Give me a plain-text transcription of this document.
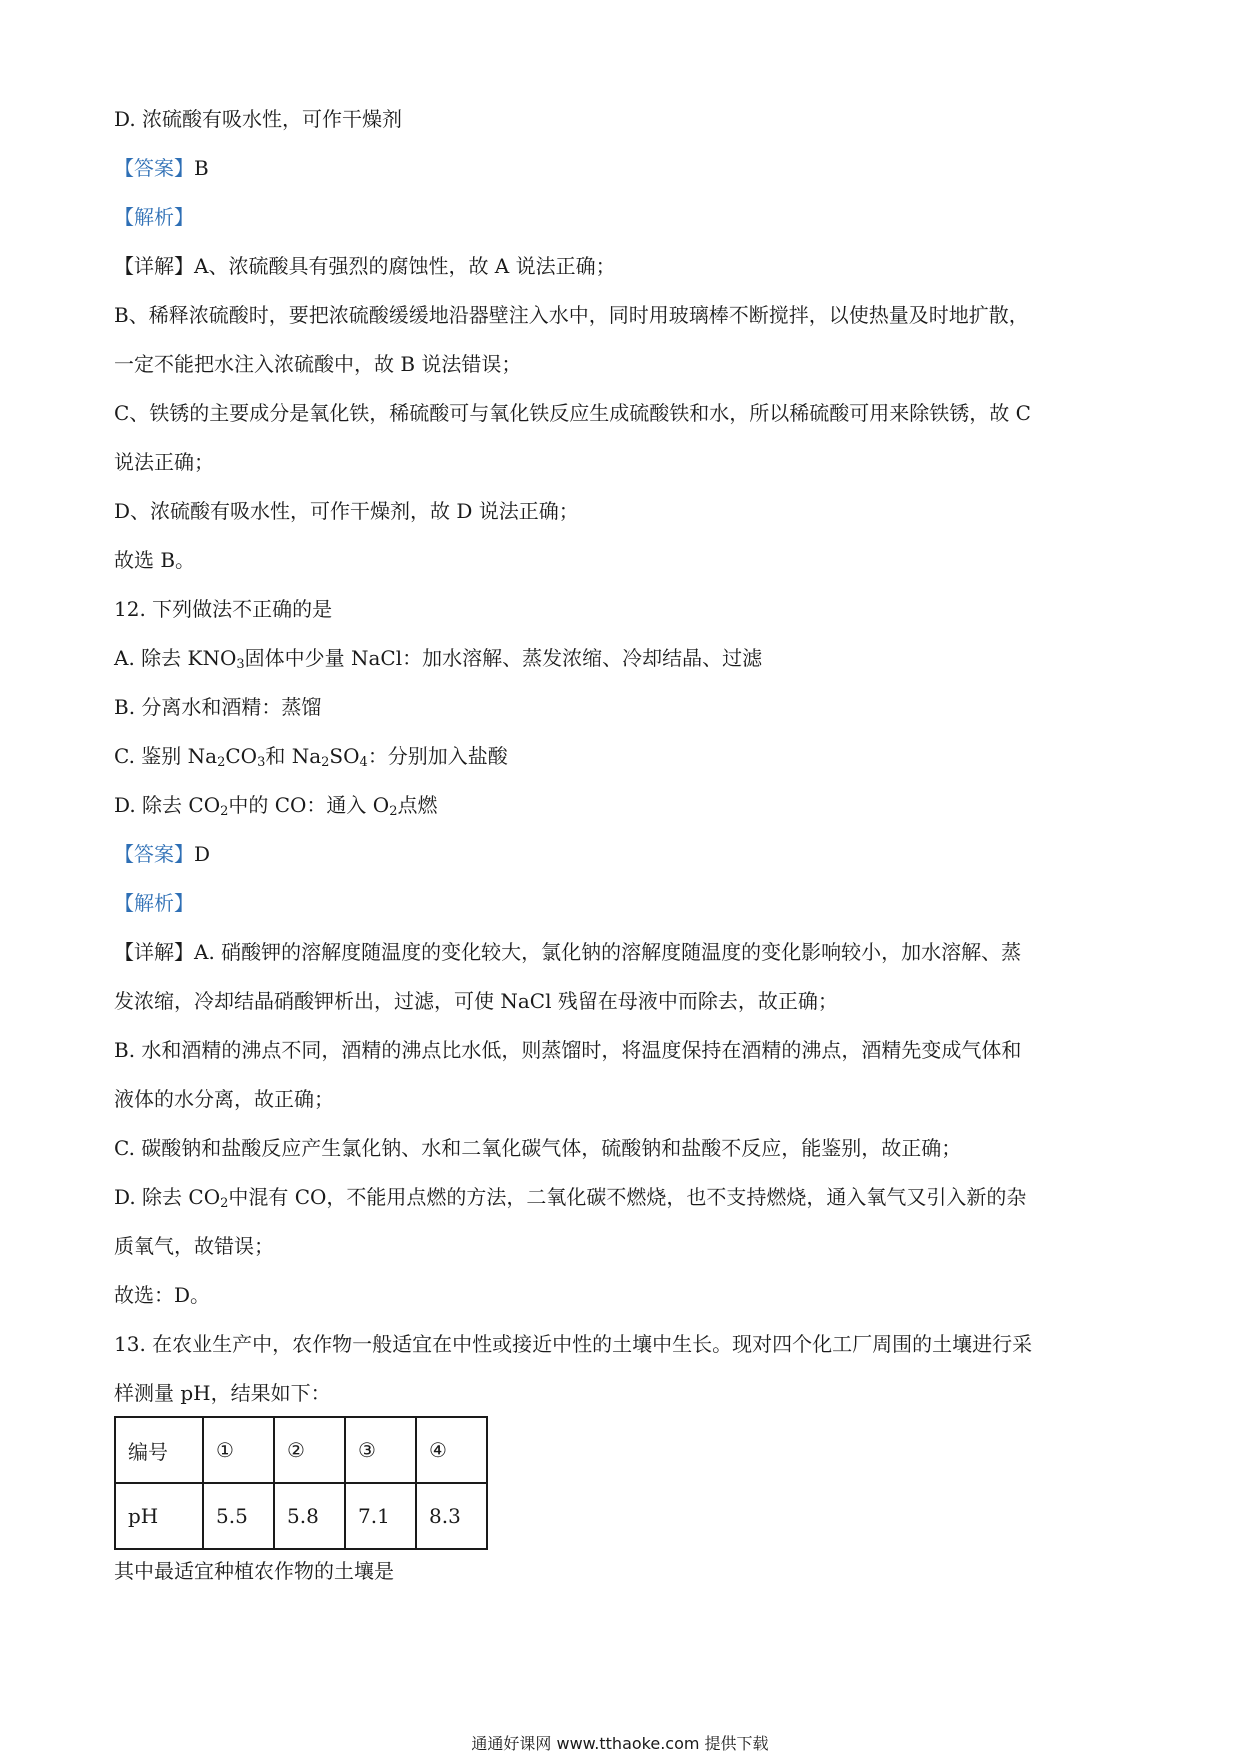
D. 浓硫酸有吸水性，可作干燥剂
【答案】B
【解析】
【详解】A、浓硫酸具有强烈的腐蚀性，故 A 说法正确；
B、稀释浓硫酸时，要把浓硫酸缓缓地沿器壁注入水中，同时用玻璃棒不断搅拌，以使热量及时地扩散，
一定不能把水注入浓硫酸中，故 B 说法错误；
C、铁锈的主要成分是氧化铁，稀硫酸可与氧化铁反应生成硫酸铁和水，所以稀硫酸可用来除铁锈，故 C
说法正确；
D、浓硫酸有吸水性，可作干燥剂，故 D 说法正确；
故选 B。
12. 下列做法不正确的是
A. 除去 $KNO_3$固体中少量 NaCl：加水溶解、蒸发浓缩、冷却结晶、过滤
B. 分离水和酒精：蒸馏
C. 鉴别 $Na_2CO_3$和 $Na_2SO_4$：分别加入盐酸
D. 除去 $CO_2$中的 CO：通入 $O_2$点燃
【答案】D
【解析】
【详解】A. 硝酸钾的溶解度随温度的变化较大，氯化钠的溶解度随温度的变化影响较小，加水溶解、蒸
发浓缩，冷却结晶硝酸钾析出，过滤，可使 NaCl 残留在母液中而除去，故正确；
B. 水和酒精的沸点不同，酒精的沸点比水低，则蒸馏时，将温度保持在酒精的沸点，酒精先变成气体和
液体的水分离，故正确；
C. 碳酸钠和盐酸反应产生氯化钠、水和二氧化碳气体，硫酸钠和盐酸不反应，能鉴别，故正确；
D. 除去 $CO_2$中混有 CO，不能用点燃的方法，二氧化碳不燃烧，也不支持燃烧，通入氧气又引入新的杂
质氧气，故错误；
故选：D。
13. 在农业生产中，农作物一般适宜在中性或接近中性的土壤中生长。现对四个化工厂周围的土壤进行采
样测量 pH，结果如下：
编号	①	②	③	④
pH	5.5	5.8	7.1	8.3
其中最适宜种植农作物的土壤是
通通好课网 www.tthaoke.com 提供下载
